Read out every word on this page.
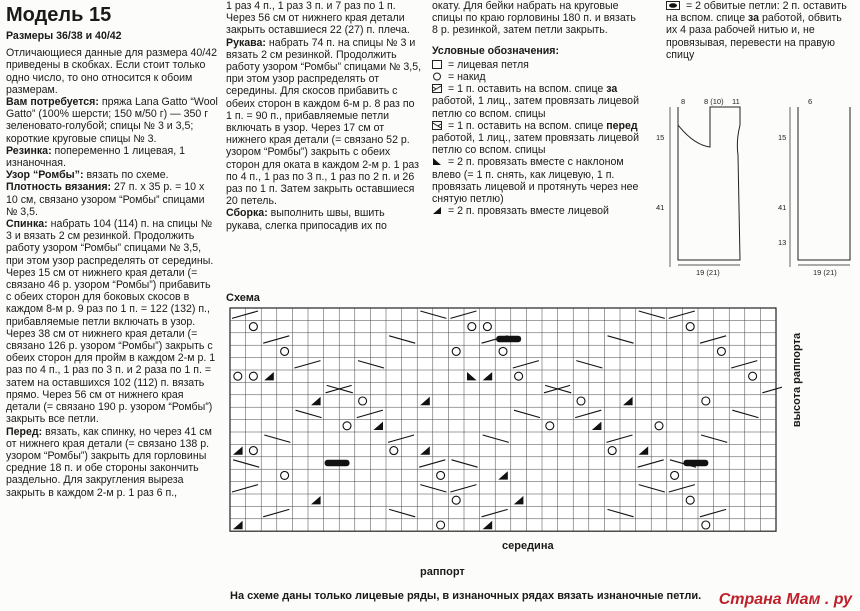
Модель 15

Размеры 36/38 и 40/42

Отличающиеся данные для размера 40/42 приведены в скобках. Если стоит только одно число, то оно относится к обоим размерам.

Вам потребуется: пряжа Lana Gatto “Wool Gatto” (100% шерсти; 150 м/50 г) — 350 г зеленовато-голубой; спицы № 3 и 3,5; короткие круговые спицы № 3.

Резинка: попеременно 1 лицевая, 1 изнаночная.

Узор “Ромбы”: вязать по схеме.

Плотность вязания: 27 п. х 35 р. = 10 х 10 см, связано узором “Ромбы” спицами № 3,5.

Спинка: набрать 104 (114) п. на спицы № 3 и вязать 2 см резинкой. Продолжить работу узором “Ромбы” спицами № 3,5, при этом узор распределять от середины. Через 15 см от нижнего края детали (= связано 46 р. узором “Ромбы”) прибавить с обеих сторон для боковых скосов в каждом 8-м р. 9 раз по 1 п. = 122 (132) п., прибавляемые петли включать в узор. Через 38 см от нижнего края детали (= связано 126 р. узором “Ромбы”) закрыть с обеих сторон для пройм в каждом 2-м р. 1 раз по 4 п., 1 раз по 3 п. и 2 раза по 1 п. = затем на оставшихся 102 (112) п. вязать прямо. Через 56 см от нижнего края детали (= связано 190 р. узором “Ромбы”) закрыть все петли.

Перед: вязать, как спинку, но через 41 см от нижнего края детали (= связано 138 р. узором “Ромбы”) закрыть для горловины средние 18 п. и обе стороны закончить раздельно. Для закругления выреза закрыть в каждом 2-м р. 1 раз 6 п.,

1 раз 4 п., 1 раз 3 п. и 7 раз по 1 п. Через 56 см от нижнего края детали закрыть оставшиеся 22 (27) п. плеча.

Рукава: набрать 74 п. на спицы № 3 и вязать 2 см резинкой. Продолжить работу узором “Ромбы” спицами № 3,5, при этом узор распределять от середины. Для скосов прибавить с обеих сторон в каждом 6-м р. 8 раз по 1 п. = 90 п., прибавляемые петли включать в узор. Через 17 см от нижнего края детали (= связано 52 р. узором “Ромбы”) закрыть с обеих сторон для оката в каждом 2-м р. 1 раз по 4 п., 1 раз по 3 п., 1 раз по 2 п. и 26 раз по 1 п. Затем закрыть оставшиеся 20 петель.

Сборка: выполнить швы, вшить рукава, слегка припосадив их по

окату. Для бейки набрать на круговые спицы по краю горловины 180 п. и вязать 8 р. резинкой, затем петли закрыть.

Условные обозначения:

= лицевая петля

= накид

= 1 п. оставить на вспом. спице за работой, 1 лиц., затем провязать лицевой петлю со вспом. спицы

= 1 п. оставить на вспом. спице перед работой, 1 лиц., затем провязать лицевой петлю со вспом. спицы

= 2 п. провязать вместе с наклоном влево (= 1 п. снять, как лицевую, 1 п. провязать лицевой и протянуть через нее снятую петлю)

= 2 п. провязать вместе лицевой

= 2 обвитые петли: 2 п. оставить на вспом. спице за работой, обвить их 4 раза рабочей нитью и, не провязывая, перевести на правую спицу

8	8 (10) 11
15
41
19 (21)
6
15
41
13
19 (21)
Схема
высота раппорта
середина
раппорт
На схеме даны только лицевые ряды, в изнаночных рядах вязать изнаночные петли. Страна Мам . ру
